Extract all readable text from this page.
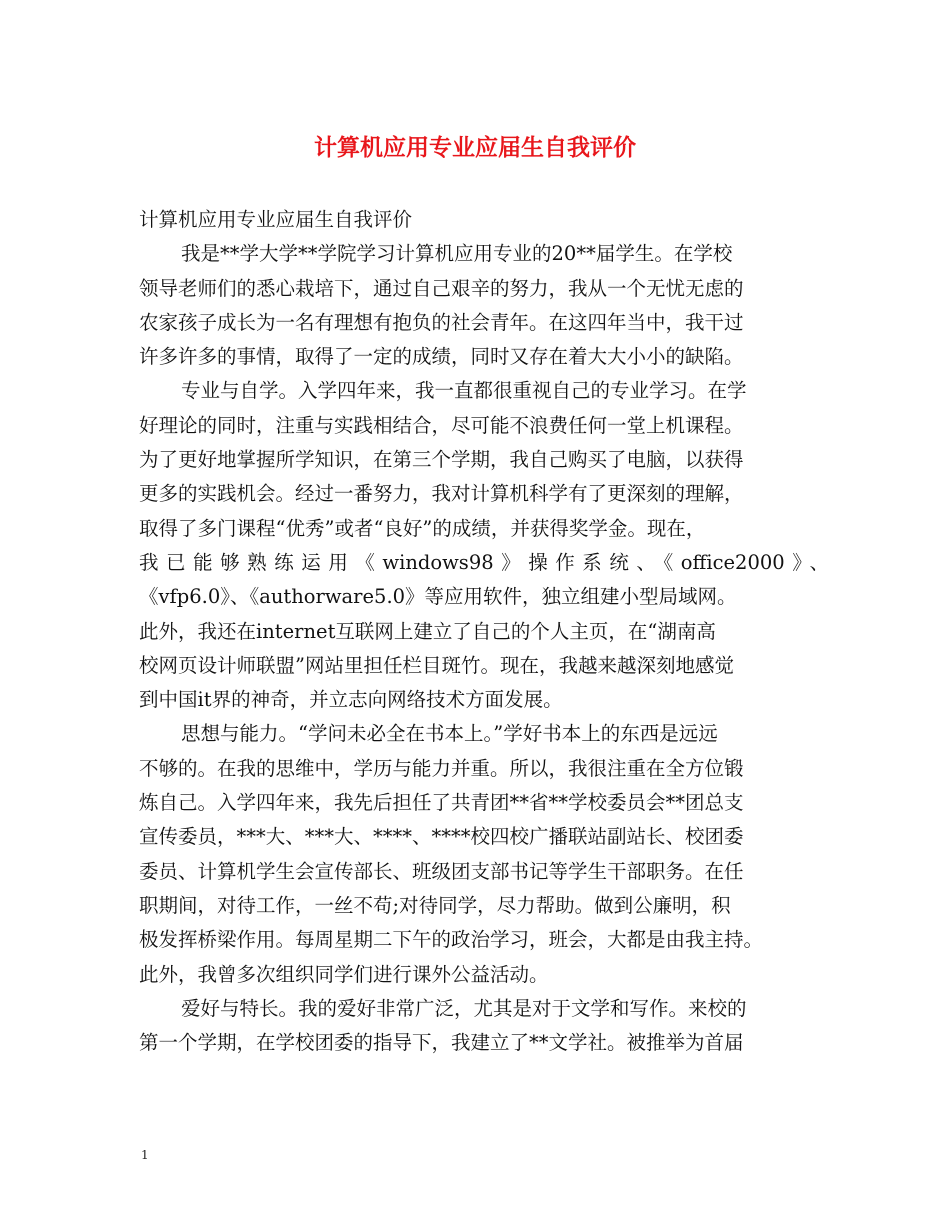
计算机应用专业应届生自我评价
计算机应用专业应届生自我评价
我是**学大学**学院学习计算机应用专业的20**届学生。在学校
领导老师们的悉心栽培下，通过自己艰辛的努力，我从一个无忧无虑的
农家孩子成长为一名有理想有抱负的社会青年。在这四年当中，我干过
许多许多的事情，取得了一定的成绩，同时又存在着大大小小的缺陷。
专业与自学。入学四年来，我一直都很重视自己的专业学习。在学
好理论的同时，注重与实践相结合，尽可能不浪费任何一堂上机课程。
为了更好地掌握所学知识，在第三个学期，我自己购买了电脑，以获得
更多的实践机会。经过一番努力，我对计算机科学有了更深刻的理解，
取得了多门课程“优秀”或者“良好”的成绩，并获得奖学金。现在，
我已能够熟练运用《windows98》操作系统、《office2000》、
《vfp6.0》、《authorware5.0》等应用软件，独立组建小型局域网。
此外，我还在internet互联网上建立了自己的个人主页，在“湖南高
校网页设计师联盟”网站里担任栏目斑竹。现在，我越来越深刻地感觉
到中国it界的神奇，并立志向网络技术方面发展。
思想与能力。“学问未必全在书本上。”学好书本上的东西是远远
不够的。在我的思维中，学历与能力并重。所以，我很注重在全方位锻
炼自己。入学四年来，我先后担任了共青团**省**学校委员会**团总支
宣传委员，***大、***大、****、****校四校广播联站副站长、校团委
委员、计算机学生会宣传部长、班级团支部书记等学生干部职务。在任
职期间，对待工作，一丝不苟;对待同学，尽力帮助。做到公廉明，积
极发挥桥梁作用。每周星期二下午的政治学习，班会，大都是由我主持。
此外，我曾多次组织同学们进行课外公益活动。
爱好与特长。我的爱好非常广泛，尤其是对于文学和写作。来校的
第一个学期，在学校团委的指导下，我建立了**文学社。被推举为首届
1
